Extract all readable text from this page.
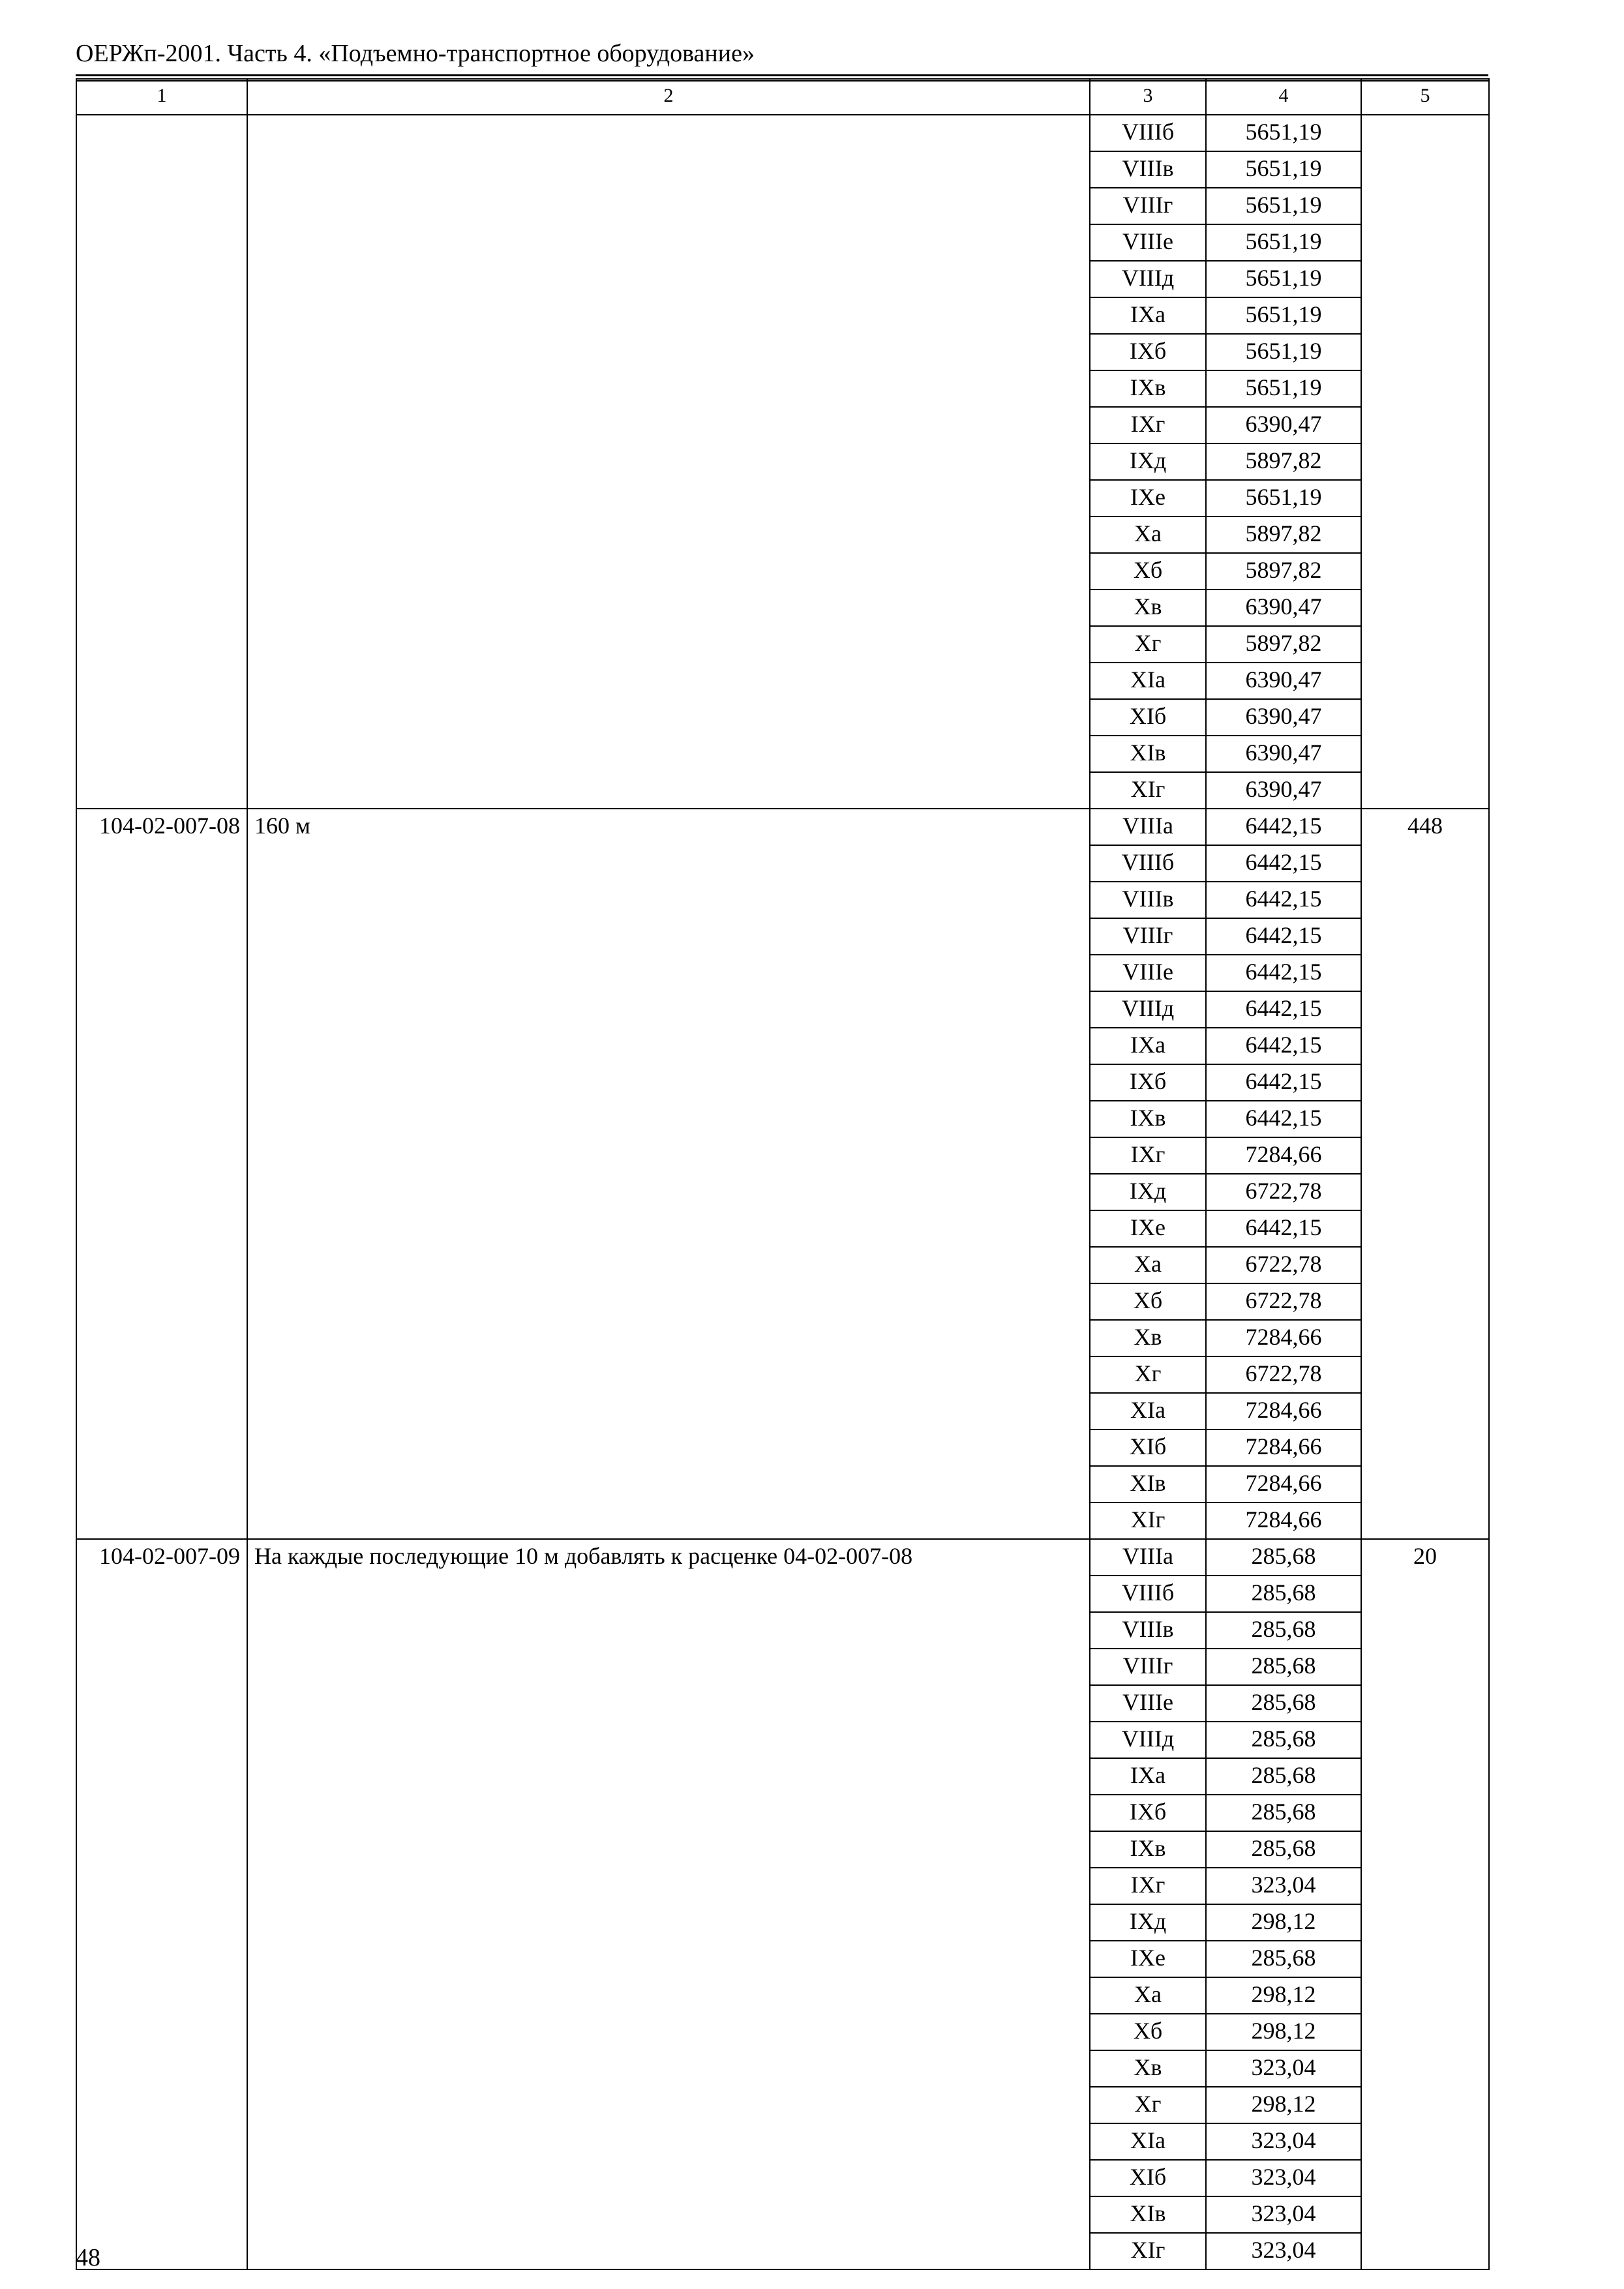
ОЕРЖп-2001. Часть 4. «Подъемно-транспортное оборудование»
1	2	3	4	5
		VIIIб	5651,19	
		VIIIв	5651,19	
		VIIIг	5651,19	
		VIIIе	5651,19	
		VIIIд	5651,19	
		IXа	5651,19	
		IXб	5651,19	
		IXв	5651,19	
		IXг	6390,47	
		IXд	5897,82	
		IXе	5651,19	
		Xа	5897,82	
		Xб	5897,82	
		Xв	6390,47	
		Xг	5897,82	
		XIа	6390,47	
		XIб	6390,47	
		XIв	6390,47	
		XIг	6390,47	
104-02-007-08	160 м	VIIIа	6442,15	448
		VIIIб	6442,15	
		VIIIв	6442,15	
		VIIIг	6442,15	
		VIIIе	6442,15	
		VIIIд	6442,15	
		IXа	6442,15	
		IXб	6442,15	
		IXв	6442,15	
		IXг	7284,66	
		IXд	6722,78	
		IXе	6442,15	
		Xа	6722,78	
		Xб	6722,78	
		Xв	7284,66	
		Xг	6722,78	
		XIа	7284,66	
		XIб	7284,66	
		XIв	7284,66	
		XIг	7284,66	
104-02-007-09	На каждые последующие 10 м добавлять к расценке 04-02-007-08	VIIIа	285,68	20
		VIIIб	285,68	
		VIIIв	285,68	
		VIIIг	285,68	
		VIIIе	285,68	
		VIIIд	285,68	
		IXа	285,68	
		IXб	285,68	
		IXв	285,68	
		IXг	323,04	
		IXд	298,12	
		IXе	285,68	
		Xа	298,12	
		Xб	298,12	
		Xв	323,04	
		Xг	298,12	
		XIа	323,04	
		XIб	323,04	
		XIв	323,04	
		XIг	323,04	
48
